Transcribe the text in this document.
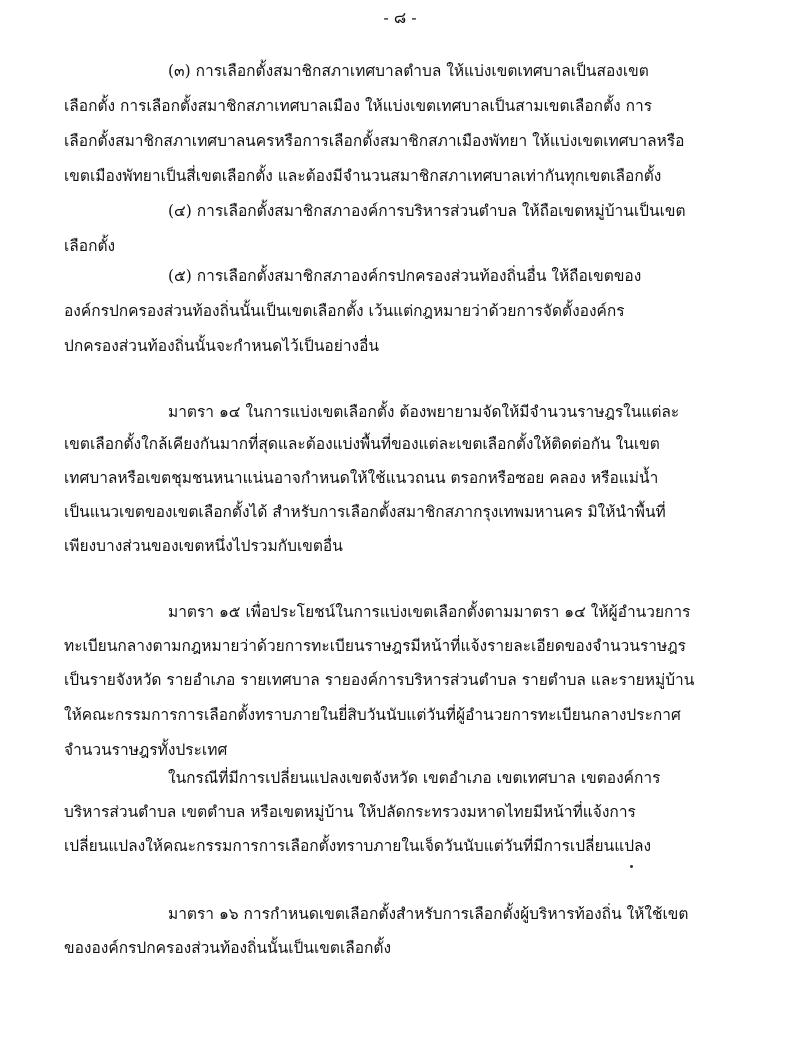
- ๘ -
(๓) การเลือกตั้งสมาชิกสภาเทศบาลตำบล ให้แบ่งเขตเทศบาลเป็นสองเขต
เลือกตั้ง การเลือกตั้งสมาชิกสภาเทศบาลเมือง ให้แบ่งเขตเทศบาลเป็นสามเขตเลือกตั้ง การ
เลือกตั้งสมาชิกสภาเทศบาลนครหรือการเลือกตั้งสมาชิกสภาเมืองพัทยา ให้แบ่งเขตเทศบาลหรือ
เขตเมืองพัทยาเป็นสี่เขตเลือกตั้ง และต้องมีจำนวนสมาชิกสภาเทศบาลเท่ากันทุกเขตเลือกตั้ง
(๔) การเลือกตั้งสมาชิกสภาองค์การบริหารส่วนตำบล ให้ถือเขตหมู่บ้านเป็นเขต
เลือกตั้ง
(๕) การเลือกตั้งสมาชิกสภาองค์กรปกครองส่วนท้องถิ่นอื่น ให้ถือเขตของ
องค์กรปกครองส่วนท้องถิ่นนั้นเป็นเขตเลือกตั้ง เว้นแต่กฎหมายว่าด้วยการจัดตั้งองค์กร
ปกครองส่วนท้องถิ่นนั้นจะกำหนดไว้เป็นอย่างอื่น
มาตรา ๑๔ ในการแบ่งเขตเลือกตั้ง ต้องพยายามจัดให้มีจำนวนราษฎรในแต่ละ
เขตเลือกตั้งใกล้เคียงกันมากที่สุดและต้องแบ่งพื้นที่ของแต่ละเขตเลือกตั้งให้ติดต่อกัน ในเขต
เทศบาลหรือเขตชุมชนหนาแน่นอาจกำหนดให้ใช้แนวถนน ตรอกหรือซอย คลอง หรือแม่น้ำ
เป็นแนวเขตของเขตเลือกตั้งได้ สำหรับการเลือกตั้งสมาชิกสภากรุงเทพมหานคร มิให้นำพื้นที่
เพียงบางส่วนของเขตหนึ่งไปรวมกับเขตอื่น
มาตรา ๑๕ เพื่อประโยชน์ในการแบ่งเขตเลือกตั้งตามมาตรา ๑๔ ให้ผู้อำนวยการ
ทะเบียนกลางตามกฎหมายว่าด้วยการทะเบียนราษฎรมีหน้าที่แจ้งรายละเอียดของจำนวนราษฎร
เป็นรายจังหวัด รายอำเภอ รายเทศบาล รายองค์การบริหารส่วนตำบล รายตำบล และรายหมู่บ้าน
ให้คณะกรรมการการเลือกตั้งทราบภายในยี่สิบวันนับแต่วันที่ผู้อำนวยการทะเบียนกลางประกาศ
จำนวนราษฎรทั้งประเทศ
ในกรณีที่มีการเปลี่ยนแปลงเขตจังหวัด เขตอำเภอ เขตเทศบาล เขตองค์การ
บริหารส่วนตำบล เขตตำบล หรือเขตหมู่บ้าน ให้ปลัดกระทรวงมหาดไทยมีหน้าที่แจ้งการ
เปลี่ยนแปลงให้คณะกรรมการการเลือกตั้งทราบภายในเจ็ดวันนับแต่วันที่มีการเปลี่ยนแปลง
มาตรา ๑๖ การกำหนดเขตเลือกตั้งสำหรับการเลือกตั้งผู้บริหารท้องถิ่น ให้ใช้เขต
ขององค์กรปกครองส่วนท้องถิ่นนั้นเป็นเขตเลือกตั้ง
